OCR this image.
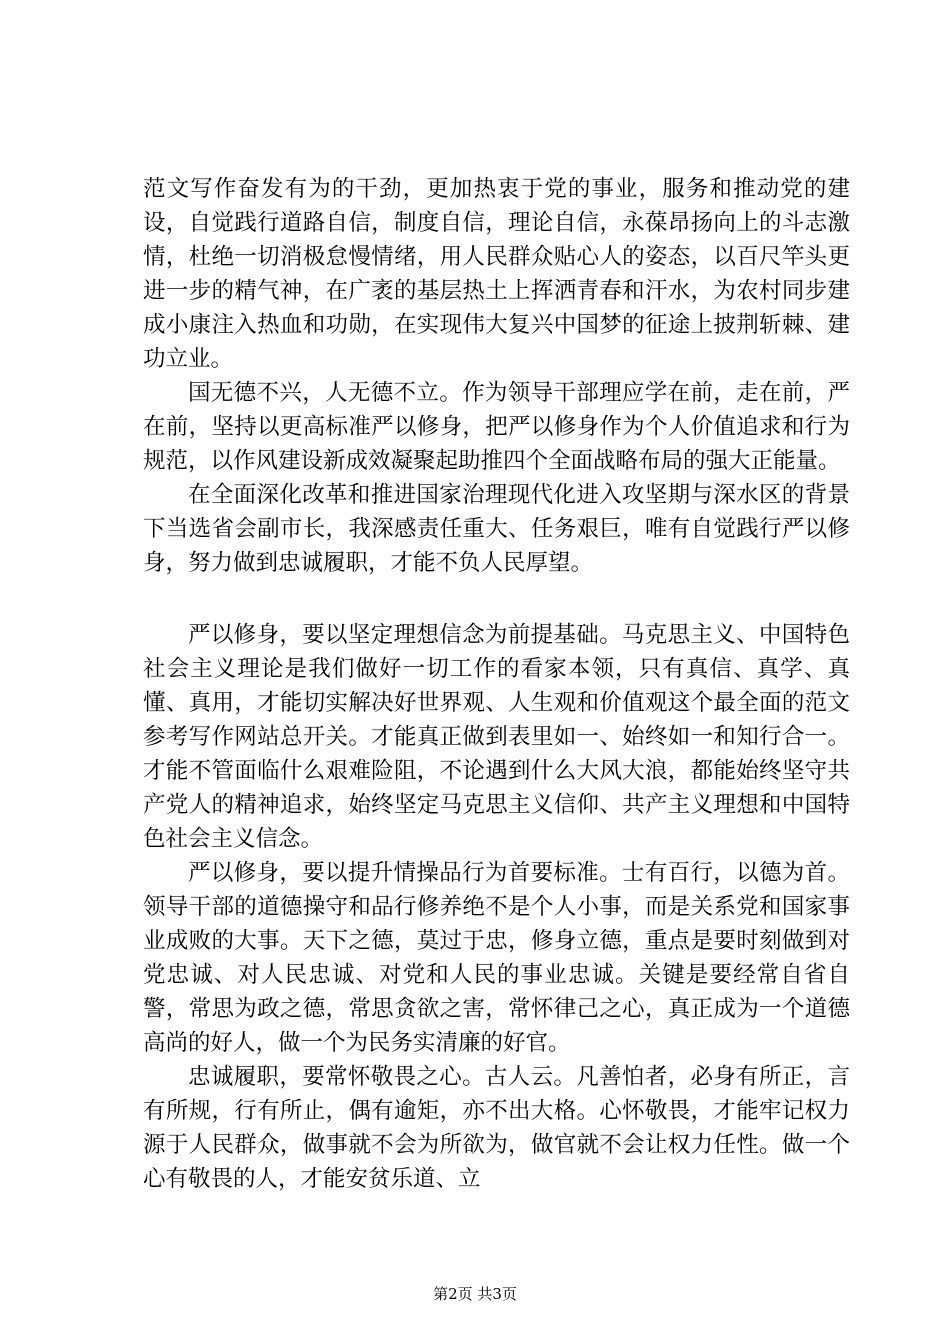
范文写作奋发有为的干劲，更加热衷于党的事业，服务和推动党的建设，自觉践行道路自信，制度自信，理论自信，永葆昂扬向上的斗志激情，杜绝一切消极怠慢情绪，用人民群众贴心人的姿态，以百尺竿头更进一步的精气神，在广袤的基层热土上挥洒青春和汗水，为农村同步建成小康注入热血和功勋，在实现伟大复兴中国梦的征途上披荆斩棘、建功立业。

国无德不兴，人无德不立。作为领导干部理应学在前，走在前，严在前，坚持以更高标准严以修身，把严以修身作为个人价值追求和行为规范，以作风建设新成效凝聚起助推四个全面战略布局的强大正能量。

在全面深化改革和推进国家治理现代化进入攻坚期与深水区的背景下当选省会副市长，我深感责任重大、任务艰巨，唯有自觉践行严以修身，努力做到忠诚履职，才能不负人民厚望。

严以修身，要以坚定理想信念为前提基础。马克思主义、中国特色社会主义理论是我们做好一切工作的看家本领，只有真信、真学、真懂、真用，才能切实解决好世界观、人生观和价值观这个最全面的范文参考写作网站总开关。才能真正做到表里如一、始终如一和知行合一。才能不管面临什么艰难险阻，不论遇到什么大风大浪，都能始终坚守共产党人的精神追求，始终坚定马克思主义信仰、共产主义理想和中国特色社会主义信念。

严以修身，要以提升情操品行为首要标准。士有百行，以德为首。领导干部的道德操守和品行修养绝不是个人小事，而是关系党和国家事业成败的大事。天下之德，莫过于忠，修身立德，重点是要时刻做到对党忠诚、对人民忠诚、对党和人民的事业忠诚。关键是要经常自省自警，常思为政之德，常思贪欲之害，常怀律己之心，真正成为一个道德高尚的好人，做一个为民务实清廉的好官。

忠诚履职，要常怀敬畏之心。古人云。凡善怕者，必身有所正，言有所规，行有所止，偶有逾矩，亦不出大格。心怀敬畏，才能牢记权力源于人民群众，做事就不会为所欲为，做官就不会让权力任性。做一个心有敬畏的人，才能安贫乐道、立

第2页 共3页
